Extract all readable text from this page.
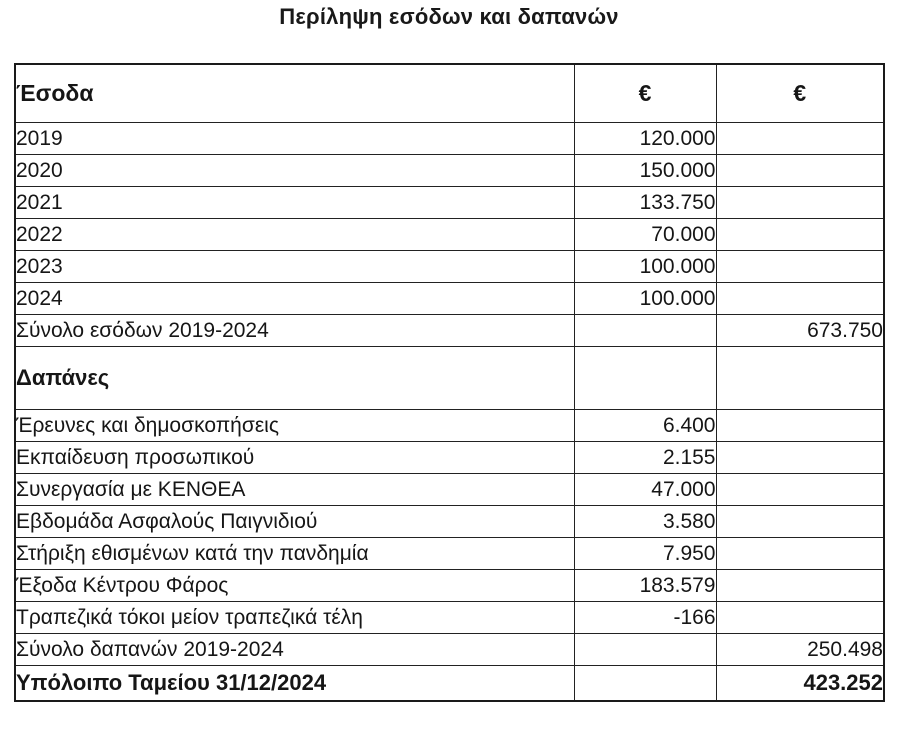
Περίληψη εσόδων και δαπανών
Έσοδα	€	€
2019	120.000	
2020	150.000	
2021	133.750	
2022	70.000	
2023	100.000	
2024	100.000	
Σύνολο εσόδων 2019-2024		673.750
Δαπάνες		
Έρευνες και δημοσκοπήσεις	6.400	
Εκπαίδευση προσωπικού	2.155	
Συνεργασία με ΚΕΝΘΕΑ	47.000	
Εβδομάδα Ασφαλούς Παιγνιδιού	3.580	
Στήριξη εθισμένων κατά την πανδημία	7.950	
Έξοδα Κέντρου Φάρος	183.579	
Τραπεζικά τόκοι μείον τραπεζικά τέλη	-166	
Σύνολο δαπανών 2019-2024		250.498
Υπόλοιπο Ταμείου 31/12/2024		423.252
